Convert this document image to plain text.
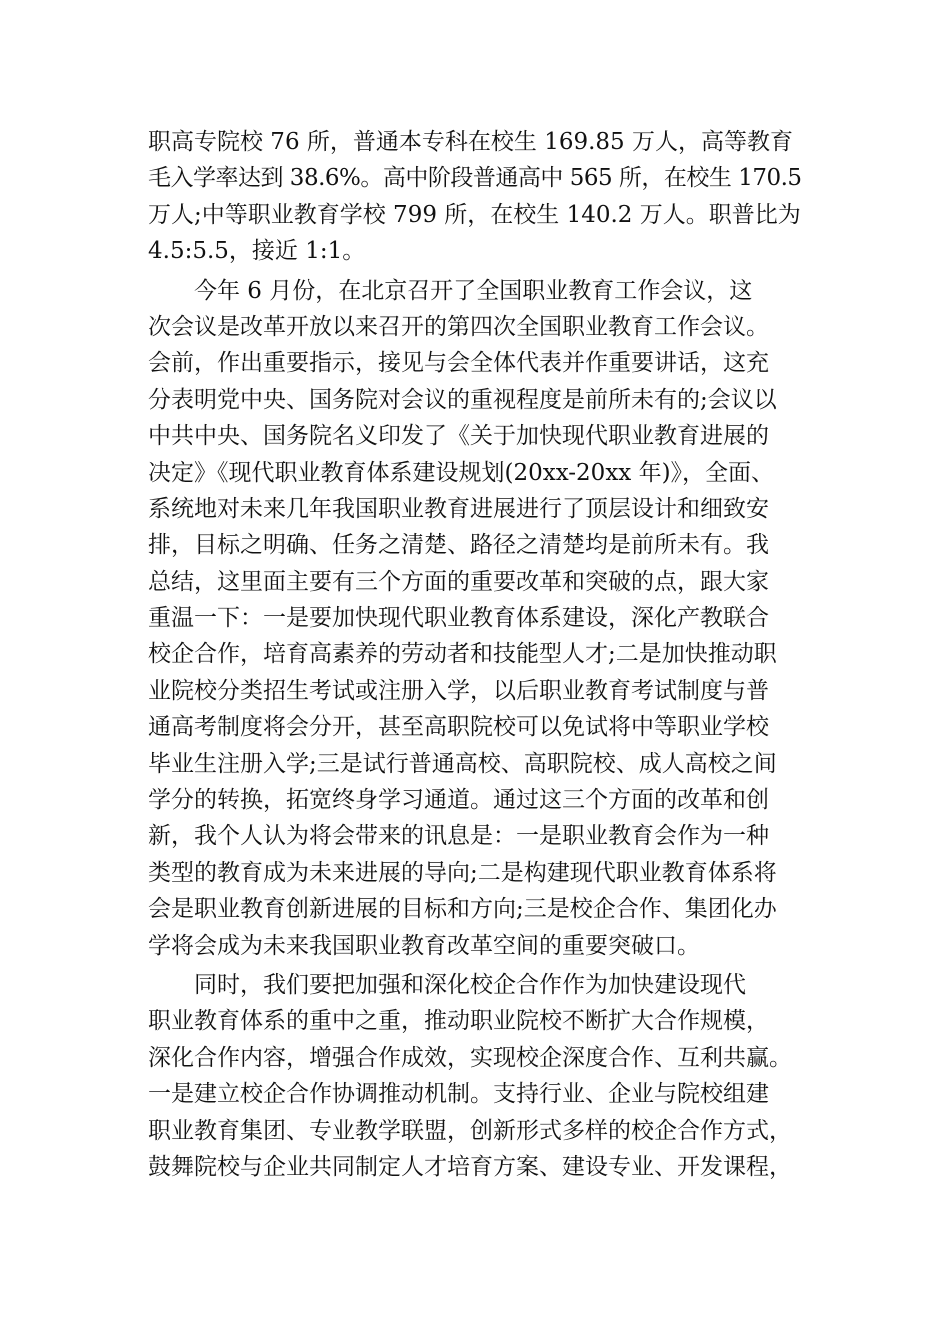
职高专院校 76 所，普通本专科在校生 169.85 万人，高等教育
毛入学率达到 38.6%。高中阶段普通高中 565 所，在校生 170.5
万人;中等职业教育学校 799 所，在校生 140.2 万人。职普比为
4.5:5.5，接近 1:1。
　　今年 6 月份，在北京召开了全国职业教育工作会议，这
次会议是改革开放以来召开的第四次全国职业教育工作会议。
会前，作出重要指示，接见与会全体代表并作重要讲话，这充
分表明党中央、国务院对会议的重视程度是前所未有的;会议以
中共中央、国务院名义印发了《关于加快现代职业教育进展的
决定》《现代职业教育体系建设规划(20xx-20xx 年)》，全面、
系统地对未来几年我国职业教育进展进行了顶层设计和细致安
排，目标之明确、任务之清楚、路径之清楚均是前所未有。我
总结，这里面主要有三个方面的重要改革和突破的点，跟大家
重温一下：一是要加快现代职业教育体系建设，深化产教联合
校企合作，培育高素养的劳动者和技能型人才;二是加快推动职
业院校分类招生考试或注册入学，以后职业教育考试制度与普
通高考制度将会分开，甚至高职院校可以免试将中等职业学校
毕业生注册入学;三是试行普通高校、高职院校、成人高校之间
学分的转换，拓宽终身学习通道。通过这三个方面的改革和创
新，我个人认为将会带来的讯息是：一是职业教育会作为一种
类型的教育成为未来进展的导向;二是构建现代职业教育体系将
会是职业教育创新进展的目标和方向;三是校企合作、集团化办
学将会成为未来我国职业教育改革空间的重要突破口。
　　同时，我们要把加强和深化校企合作作为加快建设现代
职业教育体系的重中之重，推动职业院校不断扩大合作规模，
深化合作内容，增强合作成效，实现校企深度合作、互利共赢。
一是建立校企合作协调推动机制。支持行业、企业与院校组建
职业教育集团、专业教学联盟，创新形式多样的校企合作方式，
鼓舞院校与企业共同制定人才培育方案、建设专业、开发课程，
